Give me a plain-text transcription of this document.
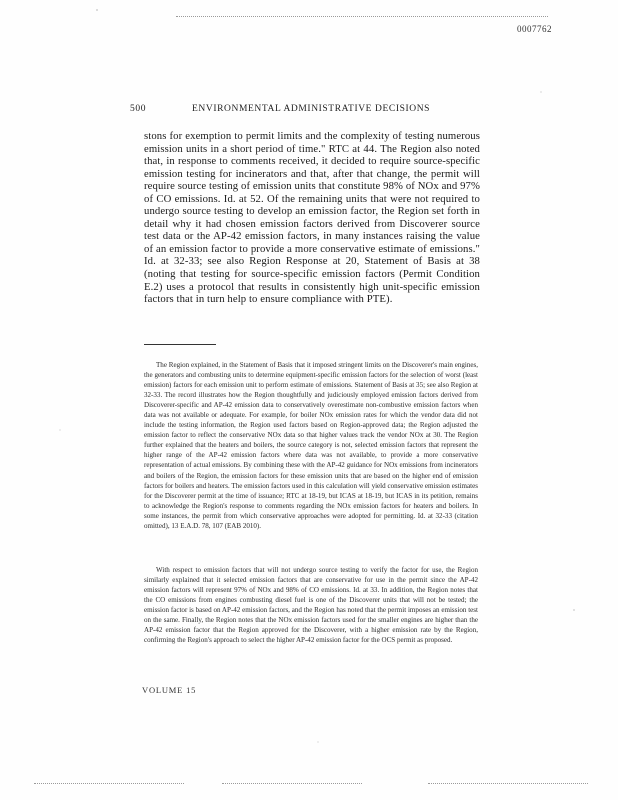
0007762
500	ENVIRONMENTAL ADMINISTRATIVE DECISIONS

stons for exemption to permit limits and the complexity of testing numerous emission units in a short period of time." RTC at 44. The Region also noted that, in response to comments received, it decided to require source-specific emission testing for incinerators and that, after that change, the permit will require source testing of emission units that constitute 98% of NOx and 97% of CO emissions. Id. at 52. Of the remaining units that were not required to undergo source testing to develop an emission factor, the Region set forth in detail why it had chosen emission factors derived from Discoverer source test data or the AP-42 emission factors, in many instances raising the value of an emission factor to provide a more conservative estimate of emissions." Id. at 32-33; see also Region Response at 20, Statement of Basis at 38 (noting that testing for source-specific emission factors (Permit Condition E.2) uses a protocol that results in consistently high unit-specific emission factors that in turn help to ensure compliance with PTE).

The Region explained, in the Statement of Basis that it imposed stringent limits on the Discoverer's main engines, the generators and combusting units to determine equipment-specific emission factors for the selection of worst (least emission) factors for each emission unit to perform estimate of emissions. Statement of Basis at 35; see also Region at 32-33. The record illustrates how the Region thoughtfully and judiciously employed emission factors derived from Discoverer-specific and AP-42 emission data to conservatively overestimate non-combustive emission factors when data was not available or adequate. For example, for boiler NOx emission rates for which the vendor data did not include the testing information, the Region used factors based on Region-approved data; the Region adjusted the emission factor to reflect the conservative NOx data so that higher values track the vendor NOx at 30. The Region further explained that the heaters and boilers, the source category is not, selected emission factors that represent the higher range of the AP-42 emission factors where data was not available, to provide a more conservative representation of actual emissions. By combining these with the AP-42 guidance for NOx emissions from incinerators and boilers of the Region, the emission factors for these emission units that are based on the higher end of emission factors for boilers and heaters. The emission factors used in this calculation will yield conservative emission estimates for the Discoverer permit at the time of issuance; RTC at 18-19, but ICAS at 18-19, but ICAS in its petition, remains to acknowledge the Region's response to comments regarding the NOx emission factors for heaters and boilers. In some instances, the permit from which conservative approaches were adopted for permitting. Id. at 32-33 (citation omitted), 13 E.A.D. 78, 107 (EAB 2010).

With respect to emission factors that will not undergo source testing to verify the factor for use, the Region similarly explained that it selected emission factors that are conservative for use in the permit since the AP-42 emission factors will represent 97% of NOx and 98% of CO emissions. Id. at 33. In addition, the Region notes that the CO emissions from engines combusting diesel fuel is one of the Discoverer units that will not be tested; the emission factor is based on AP-42 emission factors, and the Region has noted that the permit imposes an emission test on the same. Finally, the Region notes that the NOx emission factors used for the smaller engines are higher than the AP-42 emission factor that the Region approved for the Discoverer, with a higher emission rate by the Region, confirming the Region's approach to select the higher AP-42 emission factor for the OCS permit as proposed.

VOLUME 15
